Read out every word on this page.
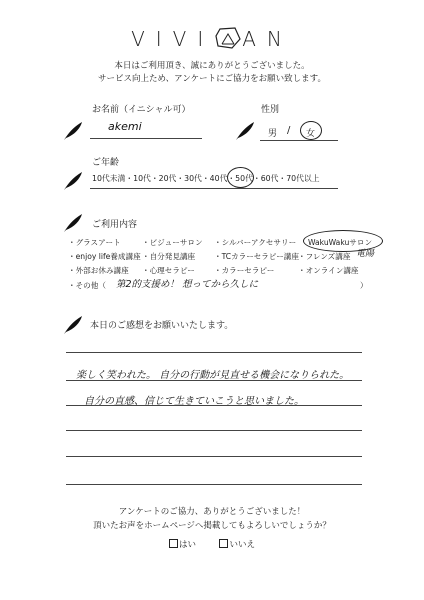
VIVI AN
本日はご利用頂き、誠にありがとうございました。
サービス向上ため、アンケートにご協力をお願い致します。
お名前（イニシャル可）
akemi
性別
男 / 女
ご年齢
10代未満・10代・20代・30代・40代・50代・60代・70代以上
ご利用内容
・グラスアート	・ビジューサロン ・シルバーアクセサリー WakuWakuサロン
・enjoy life養成講座 ・自分発見講座 ・TCカラーセラピー講座 ・フレンズ講座 電陽
・外部お休み講座 ・心理セラピー	・カラーセラピー	・オンライン講座
・その他（ 第2的支援め！ 想ってから久しに	）
本日のご感想をお願いいたします。
楽しく笑われた。 自分の行動が見直せる機会になりられた。
自分の直感、信じて生きていこうと思いました。
アンケートのご協力、ありがとうございました！
頂いたお声をホームページへ掲載してもよろしいでしょうか？
はい	いいえ
